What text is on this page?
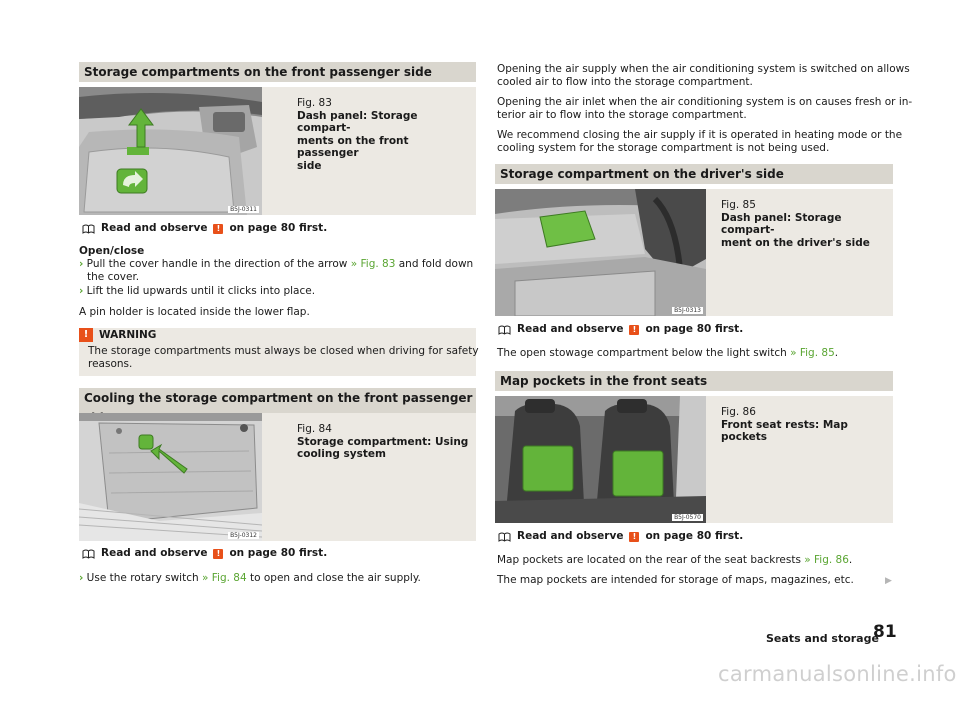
Storage compartments on the front passenger side
B5J-0311
Fig. 83
Dash panel: Storage compart-
ments on the front passenger
side
Read and observe	! on page 80 first.
Open/close
› Pull the cover handle in the direction of the arrow » Fig. 83 and fold down
the cover.
› Lift the lid upwards until it clicks into place.
A pin holder is located inside the lower flap.
!	WARNING
The storage compartments must always be closed when driving for safety
reasons.
Cooling the storage compartment on the front passenger
B5J-0312
Fig. 84
Storage compartment: Using
cooling system
Read and observe	! on page 80 first.
› Use the rotary switch » Fig. 84 to open and close the air supply.
Opening the air supply when the air conditioning system is switched on allows
cooled air to flow into the storage compartment.
Opening the air inlet when the air conditioning system is on causes fresh or in-
terior air to flow into the storage compartment.
We recommend closing the air supply if it is operated in heating mode or the
cooling system for the storage compartment is not being used.
Storage compartment on the driver's side
B5J-0313
Fig. 85
Dash panel: Storage compart-
ment on the driver's side
Read and observe	! on page 80 first.
The open stowage compartment below the light switch » Fig. 85.
Map pockets in the front seats
B5J-0570
Fig. 86
Front seat rests: Map pockets
Read and observe	! on page 80 first.
Map pockets are located on the rear of the seat backrests » Fig. 86.
The map pockets are intended for storage of maps, magazines, etc.	▶
Seats and storage
81
carmanualsonline.info
